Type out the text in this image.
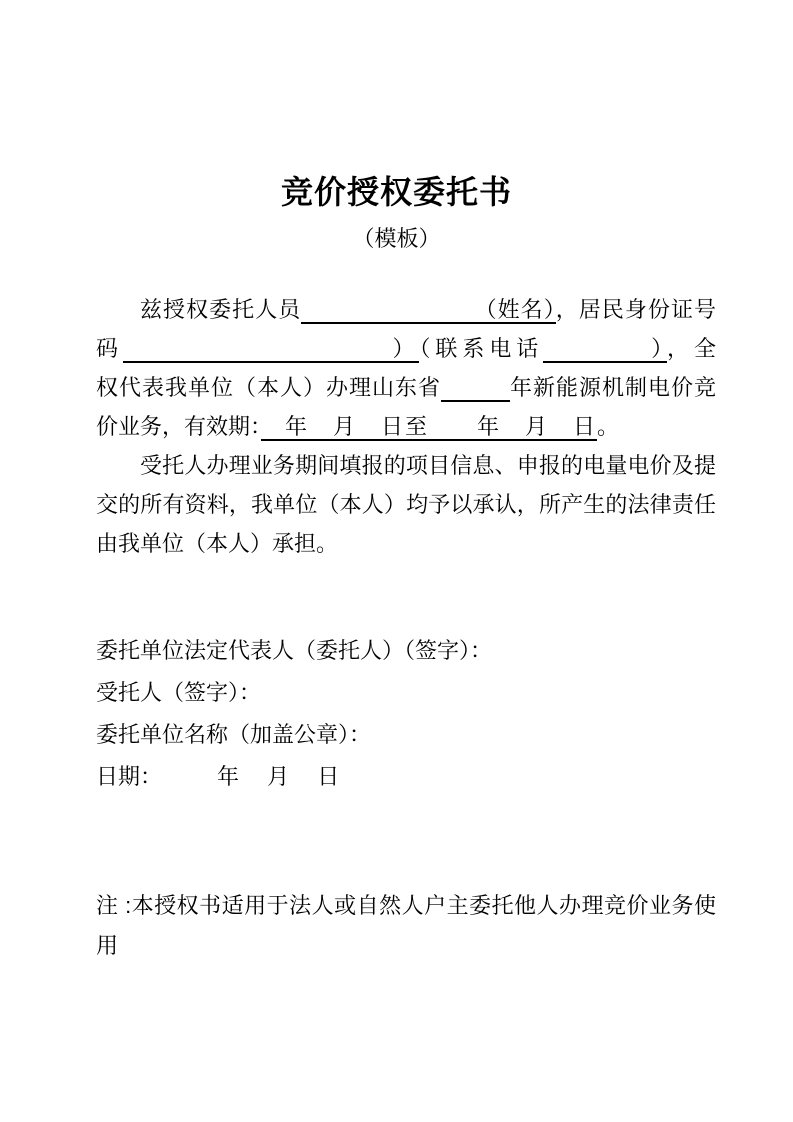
竞价授权委托书
（模板）
兹授权委托人员　　　　　　　　（姓名），居民身份证号
码　　　　　　　　　　）（联系电话　　　　），全
权代表我单位（本人）办理山东省　　　	年新能源机制电价竞
价业务，有效期：　年　月　日至　　年　月　日。
受托人办理业务期间填报的项目信息、申报的电量电价及提
交的所有资料，我单位（本人）均予以承认，所产生的法律责任
由我单位（本人）承担。
委托单位法定代表人（委托人）（签字）：
受托人（签字）：
委托单位名称（加盖公章）：
日期：　　　年　 月　 日
注 :本授权书适用于法人或自然人户主委托他人办理竞价业务使
用
